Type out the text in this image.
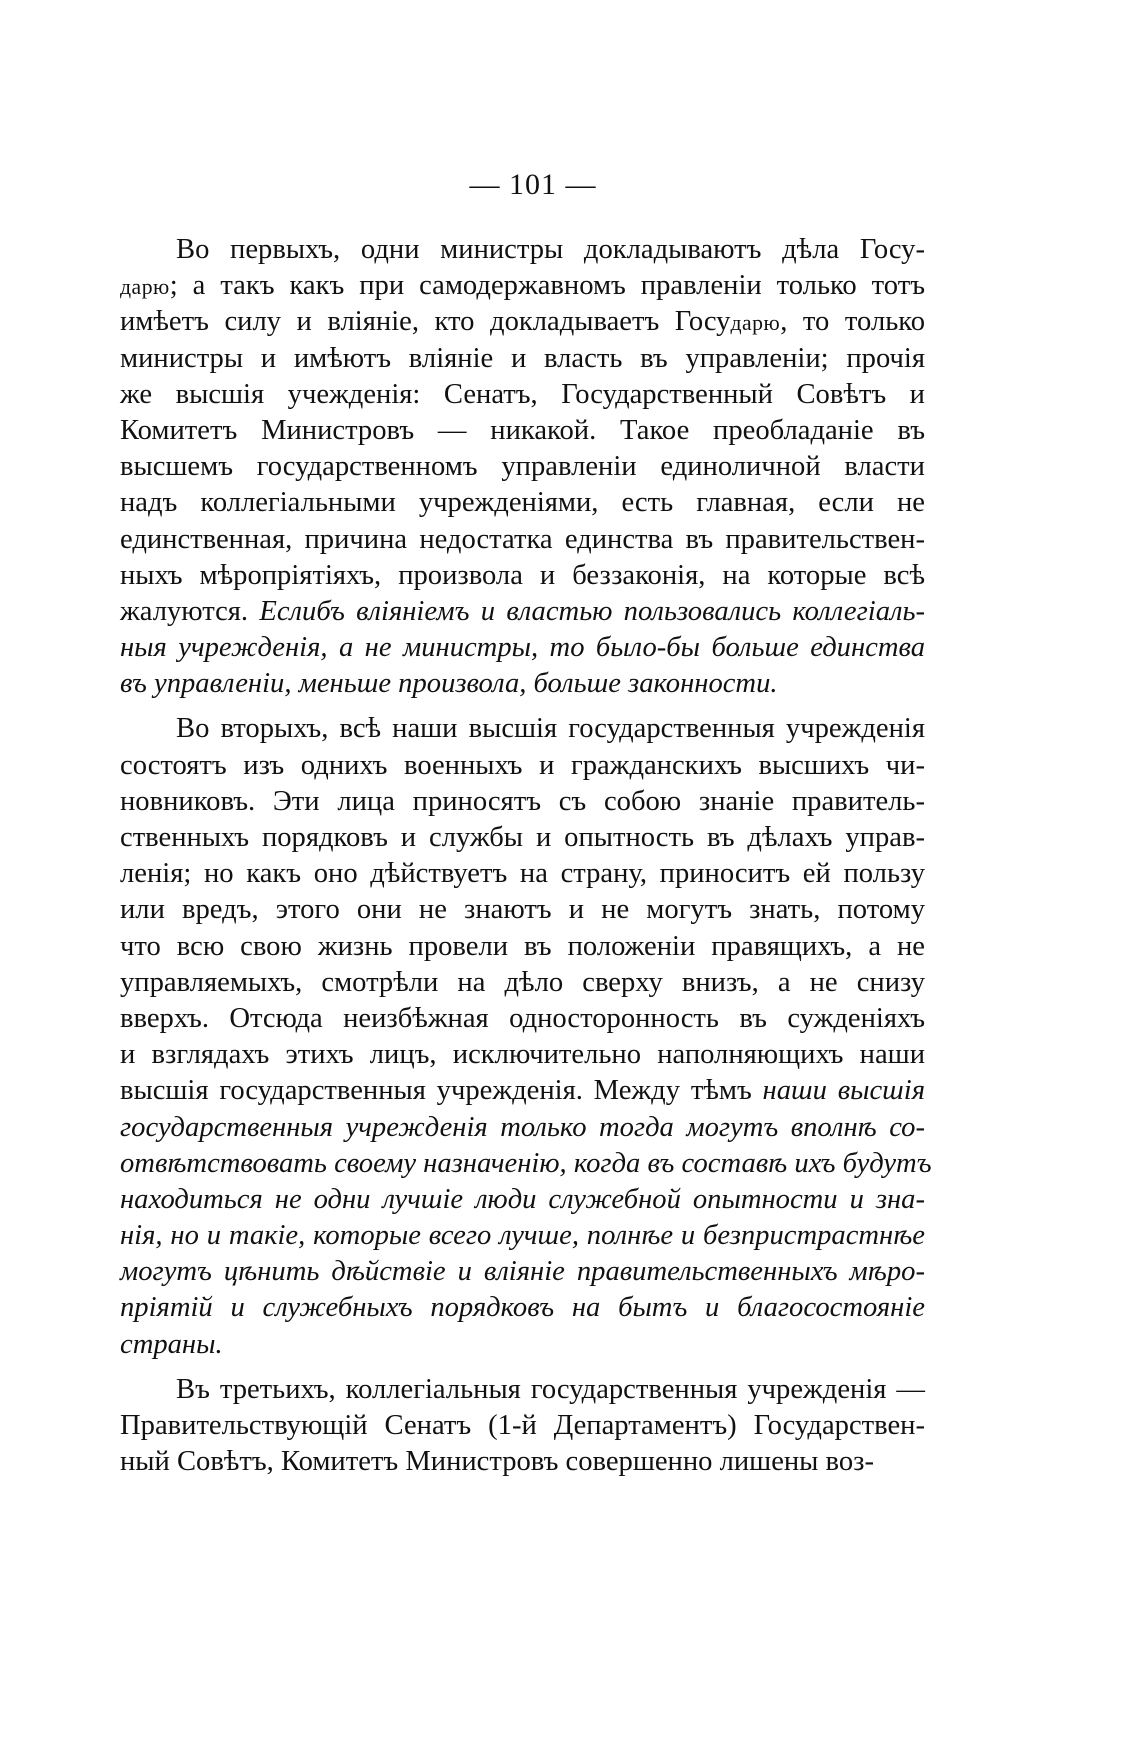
— 101 —
Во первыхъ, одни министры докладываютъ дѣла Госу-
дарю; а такъ какъ при самодержавномъ правленіи только тотъ
имѣетъ силу и вліяніе, кто докладываетъ Государю, то только
министры и имѣютъ вліяніе и власть въ управленіи; прочія
же высшія учежденія: Сенатъ, Государственный Совѣтъ и
Комитетъ Министровъ — никакой. Такое преобладаніе въ
высшемъ государственномъ управленіи единоличной власти
надъ коллегіальными учрежденіями, есть главная, если не
единственная, причина недостатка единства въ правительствен-
ныхъ мѣропріятіяхъ, произвола и беззаконія, на которые всѣ
жалуются. Еслибъ вліяніемъ и властью пользовались коллегіаль-
ныя учрежденія, а не министры, то было-бы больше единства
въ управленіи, меньше произвола, больше законности.
Во вторыхъ, всѣ наши высшія государственныя учрежденія
состоятъ изъ однихъ военныхъ и гражданскихъ высшихъ чи-
новниковъ. Эти лица приносятъ съ собою знаніе правитель-
ственныхъ порядковъ и службы и опытность въ дѣлахъ управ-
ленія; но какъ оно дѣйствуетъ на страну, приноситъ ей пользу
или вредъ, этого они не знаютъ и не могутъ знать, потому
что всю свою жизнь провели въ положеніи правящихъ, а не
управляемыхъ, смотрѣли на дѣло сверху внизъ, а не снизу
вверхъ. Отсюда неизбѣжная односторонность въ сужденіяхъ
и взглядахъ этихъ лицъ, исключительно наполняющихъ наши
высшія государственныя учрежденія. Между тѣмъ наши высшія
государственныя учрежденія только тогда могутъ вполнѣ со-
отвѣтствовать своему назначенію, когда въ составѣ ихъ будутъ
находиться не одни лучшіе люди служебной опытности и зна-
нія, но и такіе, которые всего лучше, полнѣе и безпристрастнѣе
могутъ цѣнить дѣйствіе и вліяніе правительственныхъ мѣро-
пріятій и служебныхъ порядковъ на бытъ и благосостояніе
страны.
Въ третьихъ, коллегіальныя государственныя учрежденія —
Правительствующій Сенатъ (1-й Департаментъ) Государствен-
ный Совѣтъ, Комитетъ Министровъ совершенно лишены воз-
